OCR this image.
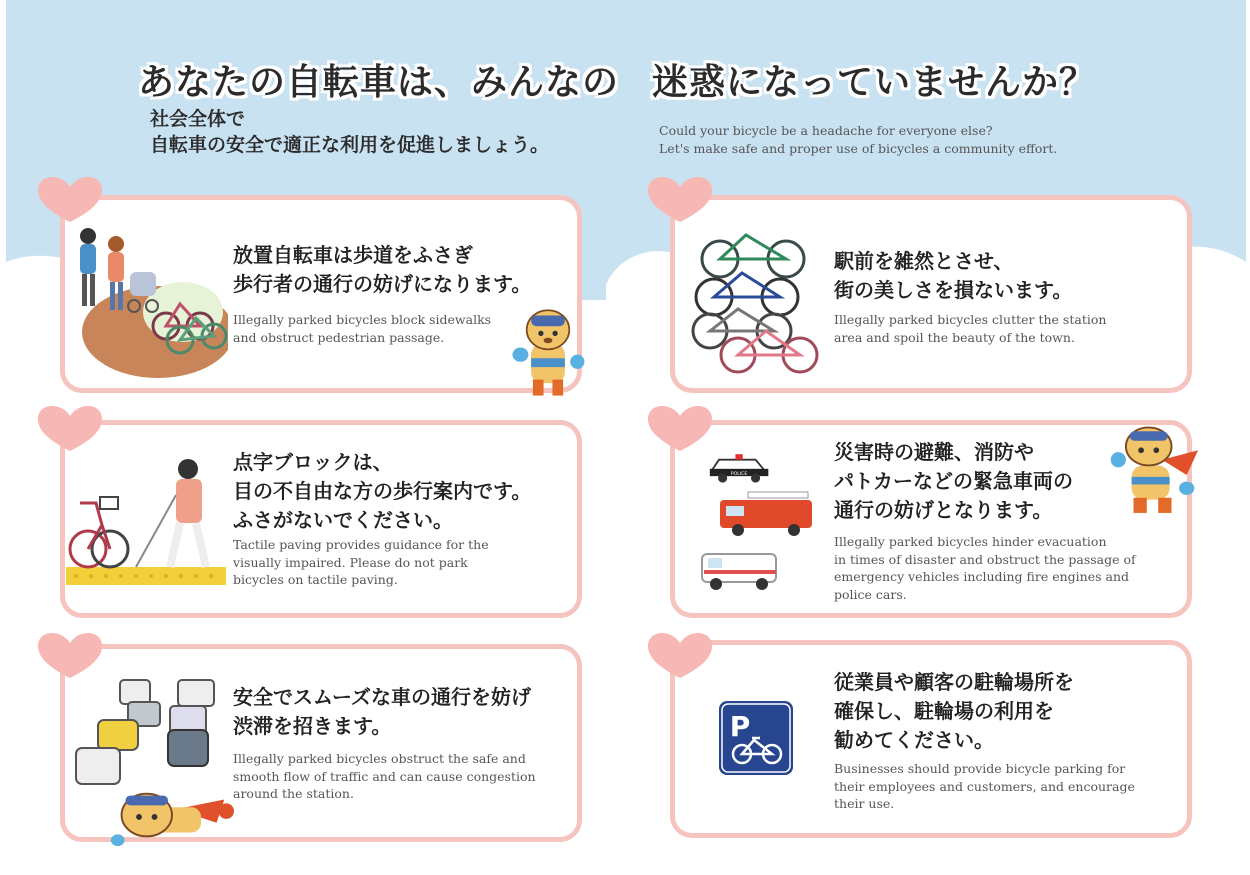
あなたの自転車は、みんなの 迷惑になっていませんか？
社会全体で
自転車の安全で適正な利用を促進しましょう。
Could your bicycle be a headache for everyone else?
Let's make safe and proper use of bicycles a community effort.
放置自転車は歩道をふさぎ
歩行者の通行の妨げになります。
Illegally parked bicycles block sidewalks
and obstruct pedestrian passage.
駅前を雑然とさせ、
街の美しさを損ないます。
Illegally parked bicycles clutter the station
area and spoil the beauty of the town.
点字ブロックは、
目の不自由な方の歩行案内です。
ふさがないでください。
Tactile paving provides guidance for the
visually impaired. Please do not park
bicycles on tactile paving.
POLICE
災害時の避難、消防や
パトカーなどの緊急車両の
通行の妨げとなります。
Illegally parked bicycles hinder evacuation
in times of disaster and obstruct the passage of
emergency vehicles including fire engines and
police cars.
安全でスムーズな車の通行を妨げ
渋滞を招きます。
Illegally parked bicycles obstruct the safe and
smooth flow of traffic and can cause congestion
around the station.
P
従業員や顧客の駐輪場所を
確保し、駐輪場の利用を
勧めてください。
Businesses should provide bicycle parking for
their employees and customers, and encourage
their use.
